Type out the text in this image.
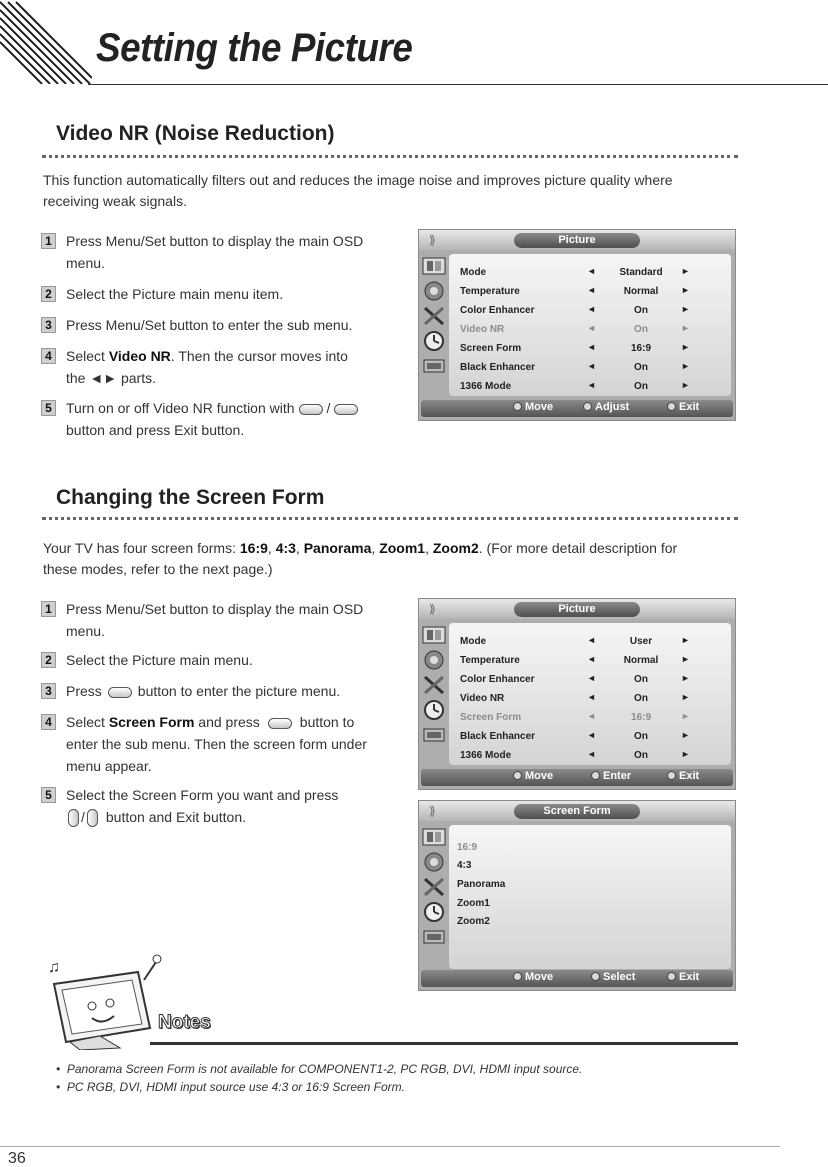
Setting the Picture
Video NR (Noise Reduction)
This function automatically filters out and reduces the image noise and improves picture quality where receiving weak signals.
1 Press Menu/Set button to display the main OSD menu.
2 Select the Picture main menu item.
3 Press Menu/Set button to enter the sub menu.
4 Select Video NR. Then the cursor moves into the ◄► parts.
5 Turn on or off Video NR function with /
button and press Exit button.
⟫	Picture
Mode	◄	Standard	►
Temperature	◄	Normal	►
Color Enhancer	◄	On	►
Video NR	◄	On	►
Screen Form	◄	16:9	►
Black Enhancer	◄	On	►
1366 Mode	◄	On	►
Move	Adjust	Exit
Changing the Screen Form
Your TV has four screen forms: 16:9, 4:3, Panorama, Zoom1, Zoom2. (For more detail description for these modes, refer to the next page.)
1 Press Menu/Set button to display the main OSD menu.
2 Select the Picture main menu.
3 Press	button to enter the picture menu.
4 Select Screen Form and press	button to enter the sub menu. Then the screen form under menu appear.
5 Select the Screen Form you want and press
/ button and Exit button.
⟫	Picture
Mode	◄	User	►
Temperature	◄	Normal	►
Color Enhancer	◄	On	►
Video NR	◄	On	►
Screen Form	◄	16:9	►
Black Enhancer	◄	On	►
1366 Mode	◄	On	►
Move	Enter	Exit
⟫	Screen Form
16:9
4:3
Panorama
Zoom1
Zoom2
Move	Select	Exit
♫
Notes
• Panorama Screen Form is not available for COMPONENT1-2, PC RGB, DVI, HDMI input source.
• PC RGB, DVI, HDMI input source use 4:3 or 16:9 Screen Form.
36
